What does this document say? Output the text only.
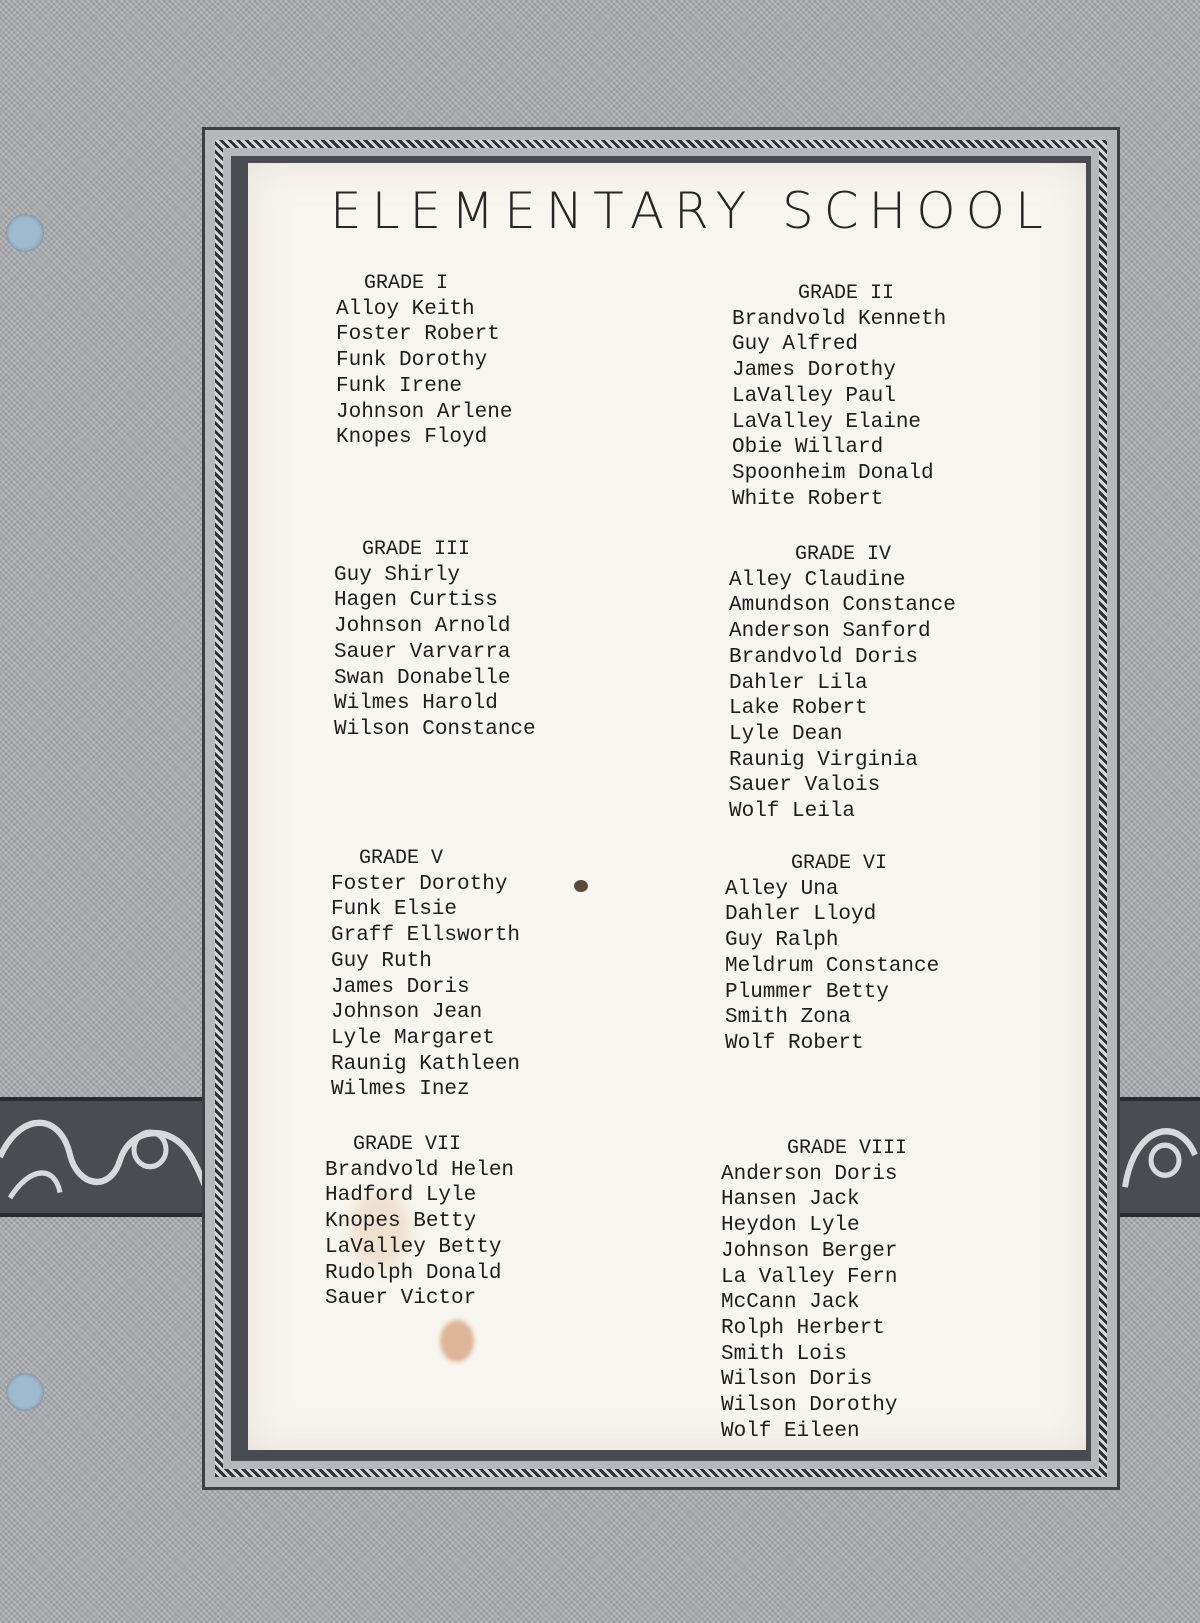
ELEMENTARY SCHOOL
GRADE I
Alloy Keith
Foster Robert
Funk Dorothy
Funk Irene
Johnson Arlene
Knopes Floyd
GRADE II
Brandvold Kenneth
Guy Alfred
James Dorothy
LaValley Paul
LaValley Elaine
Obie Willard
Spoonheim Donald
White Robert
GRADE III
Guy Shirly
Hagen Curtiss
Johnson Arnold
Sauer Varvarra
Swan Donabelle
Wilmes Harold
Wilson Constance
GRADE IV
Alley Claudine
Amundson Constance
Anderson Sanford
Brandvold Doris
Dahler Lila
Lake Robert
Lyle Dean
Raunig Virginia
Sauer Valois
Wolf Leila
GRADE V
Foster Dorothy
Funk Elsie
Graff Ellsworth
Guy Ruth
James Doris
Johnson Jean
Lyle Margaret
Raunig Kathleen
Wilmes Inez
GRADE VI
Alley Una
Dahler Lloyd
Guy Ralph
Meldrum Constance
Plummer Betty
Smith Zona
Wolf Robert
GRADE VII
Brandvold Helen
Hadford Lyle
Knopes Betty
LaValley Betty
Rudolph Donald
Sauer Victor
GRADE VIII
Anderson Doris
Hansen Jack
Heydon Lyle
Johnson Berger
La Valley Fern
McCann Jack
Rolph Herbert
Smith Lois
Wilson Doris
Wilson Dorothy
Wolf Eileen
